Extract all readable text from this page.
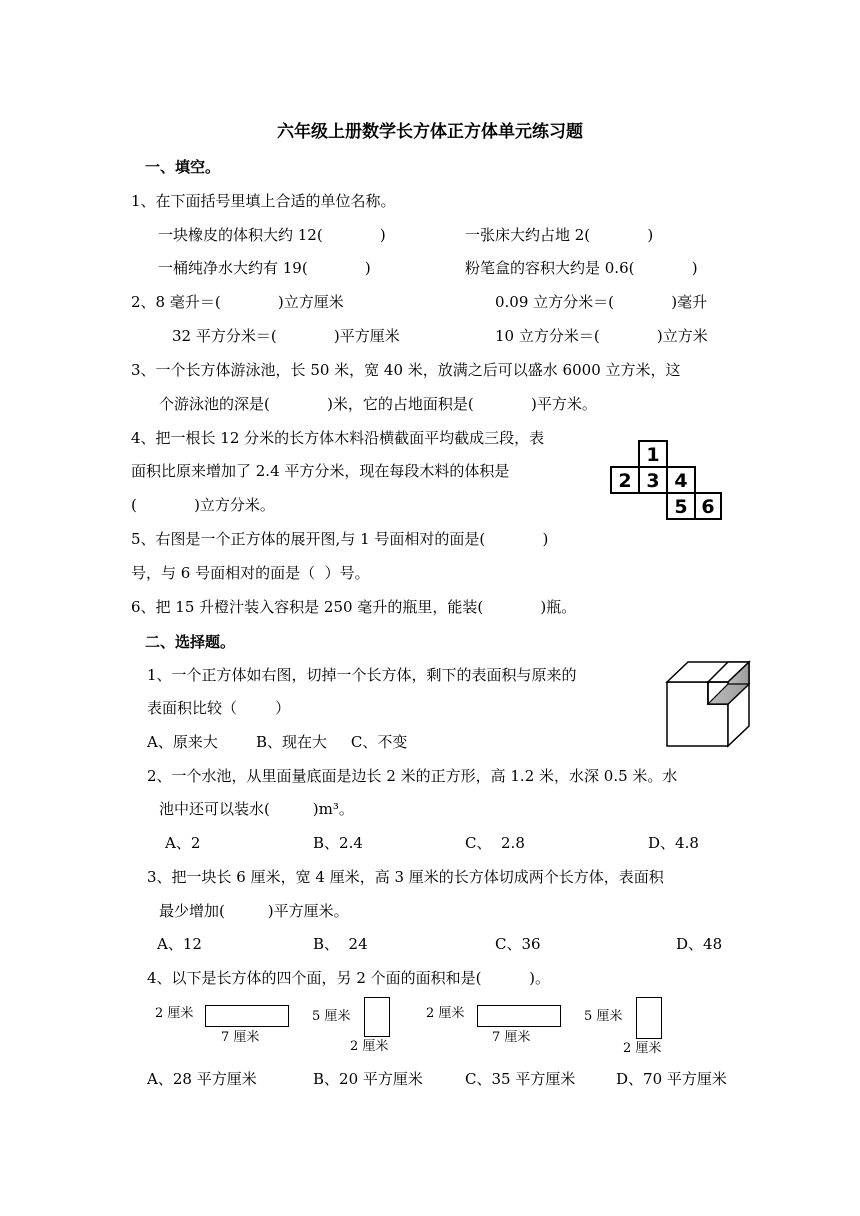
六年级上册数学长方体正方体单元练习题
一、填空。
1、在下面括号里填上合适的单位名称。
一块橡皮的体积大约 12(            )	一张床大约占地 2(            )
一桶纯净水大约有 19(            )	粉笔盒的容积大约是 0.6(            )
2、8 毫升＝(            )立方厘米	0.09 立方分米＝(            )毫升
32 平方分米＝(            )平方厘米	10 立方分米＝(            )立方米
3、一个长方体游泳池，长 50 米，宽 40 米，放满之后可以盛水 6000 立方米，这
个游泳池的深是(            )米，它的占地面积是(            )平方米。
4、把一根长 12 分米的长方体木料沿横截面平均截成三段，表
面积比原来增加了 2.4 平方分米，现在每段木料的体积是
(            )立方分米。
5、右图是一个正方体的展开图,与 1 号面相对的面是(            )
号，与 6 号面相对的面是（  ）号。
6、把 15 升橙汁装入容积是 250 毫升的瓶里，能装(            )瓶。
1
2 3 4
5 6
二、选择题。
1、一个正方体如右图，切掉一个长方体，剩下的表面积与原来的
表面积比较（        ）
A、原来大        B、现在大     C、不变
2、一个水池，从里面量底面是边长 2 米的正方形，高 1.2 米，水深 0.5 米。水
池中还可以装水(         )m³。
A、2	B、2.4	C、  2.8	D、4.8
3、把一块长 6 厘米，宽 4 厘米，高 3 厘米的长方体切成两个长方体，表面积
最少增加(         )平方厘米。
A、12	B、  24	C、36	D、48
4、以下是长方体的四个面，另 2 个面的面积和是(          )。
2 厘米
7 厘米
5 厘米
2 厘米
2 厘米
7 厘米
5 厘米
2 厘米
A、28 平方厘米	B、20 平方厘米	C、35 平方厘米	D、70 平方厘米
